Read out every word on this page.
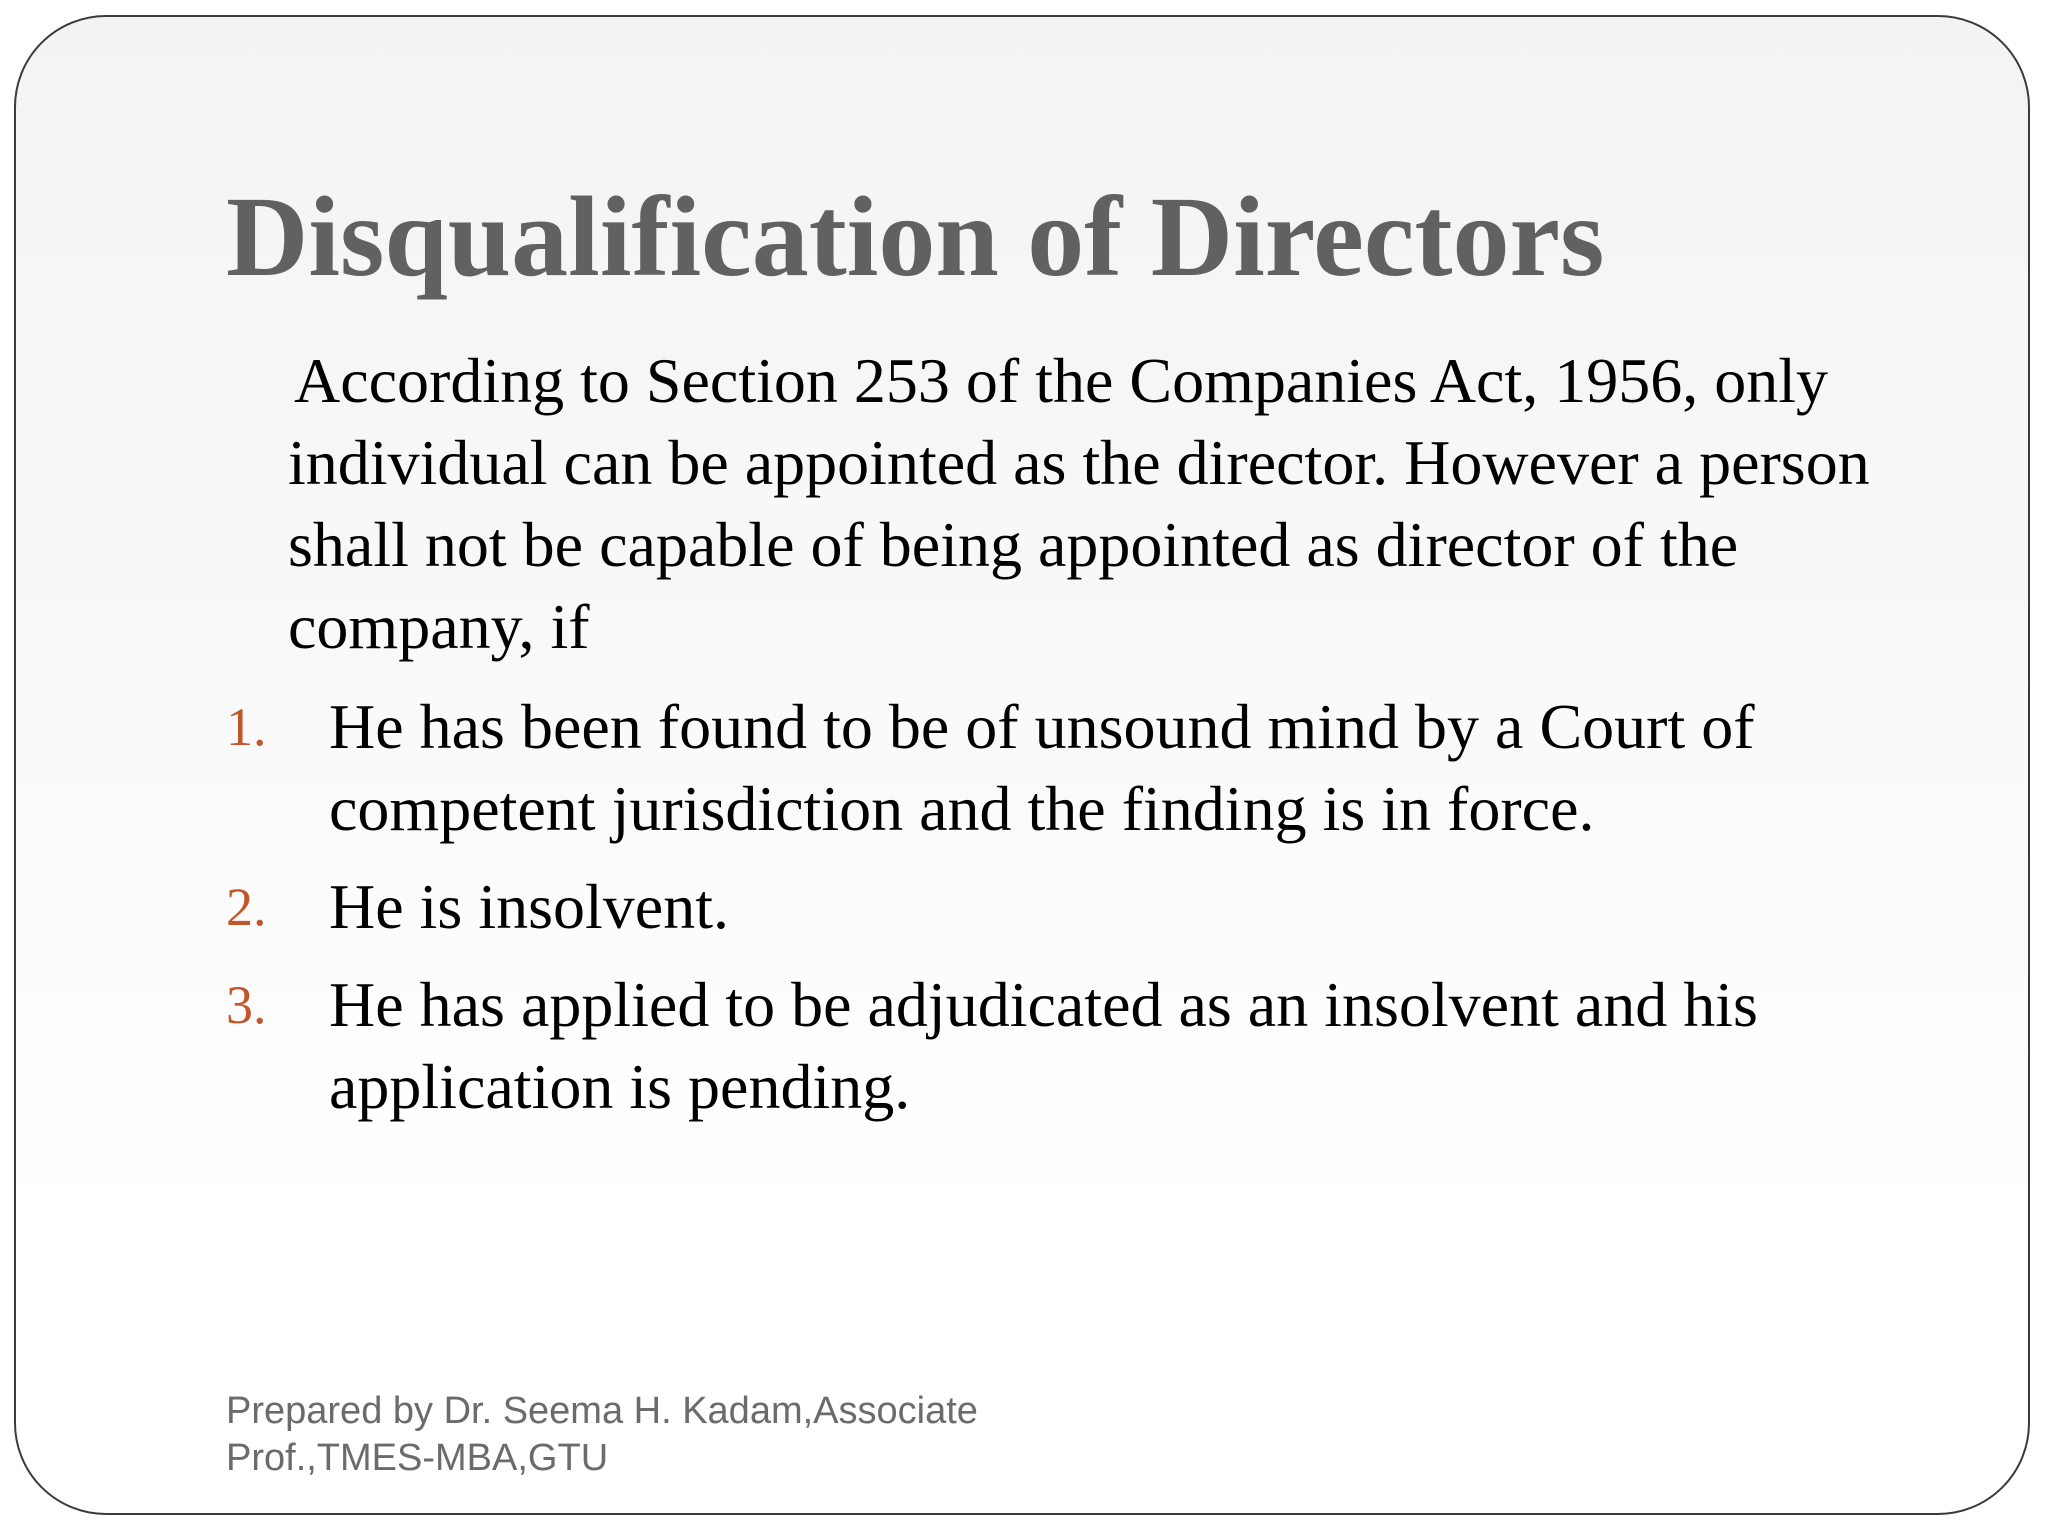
Disqualification of Directors

According to Section 253 of the Companies Act, 1956, only individual can be appointed as the director. However a person shall not be capable of being appointed as director of the company, if

1. He has been found to be of unsound mind by a Court of competent jurisdiction and the finding is in force.
2. He is insolvent.
3. He has applied to be adjudicated as an insolvent and his application is pending.
Prepared by Dr. Seema H. Kadam,Associate
Prof.,TMES-MBA,GTU
